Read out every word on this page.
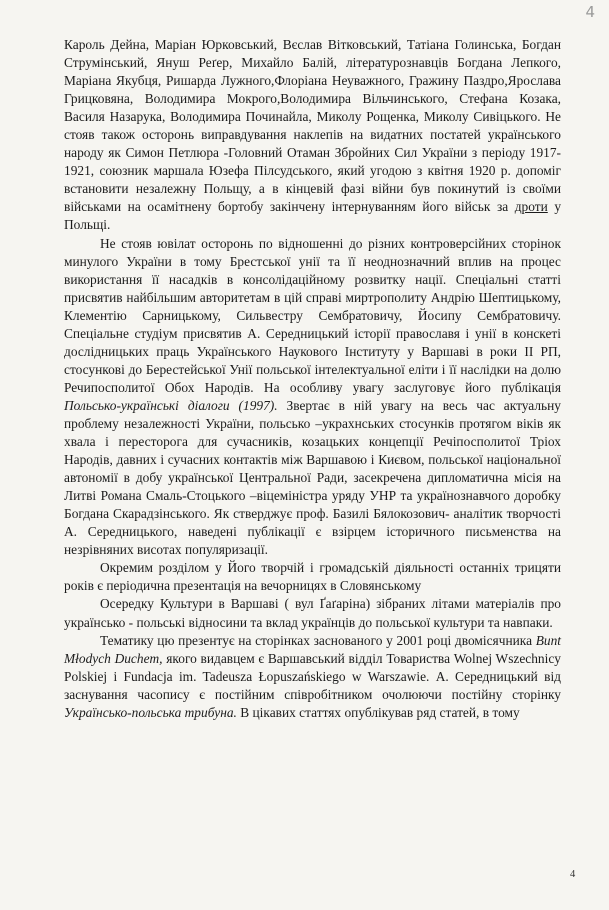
4

Кароль Дейна, Маріан Юрковський, Вєслав Вітковський, Татіана Голинська, Богдан Струмінський, Януш Реґер, Михайло Балій, літературознавців Богдана Лепкого, Маріана Якубця, Ришарда Лужного,Флоріана Неуважного, Гражину Паздро,Ярослава Грицковяна, Володимира Мокрого,Володимира Вільчинського, Стефана Козака, Василя Назарука, Володимира Починайла, Миколу Рощенка, Миколу Сивіцького. Не стояв також осторонь виправдування наклепів на видатних постатей українського народу як Симон Петлюра -Головний Отаман Збройних Сил України з періоду 1917-1921, союзник маршала Юзефа Пілсудського, який угодою з квітня 1920 р. допоміг встановити незалежну Польщу, а в кінцевій фазі війни був покинутий із своїми військами на осамітнену бортобу закінчену інтернуванням його військ за дроти у Польщі.

Не стояв ювілат осторонь по відношенні до різних контроверсійних сторінок минулого України в тому Брестської унії та її неоднозначний вплив на процес використання її насадків в консолідаційному розвитку нації. Спеціальні статті присвятив найбільшим авторитетам в цій справі миртрополиту Андрію Шептицькому, Клементію Сарницькому, Сильвестру Сембратовичу, Йосипу Сембратовичу. Спеціальне студіум присвятив А. Середницький історії православя і унії в конскеті дослідницьких праць Українського Наукового Інституту у Варшаві в роки ІІ РП, стосункові до Берестейської Унії польської інтелектуальної еліти і її наслідки на долю Речипосполитої Обох Народів. На особливу увагу заслуговує його публікація Польсько-українські діалоги (1997). Звертає в ній увагу на весь час актуальну проблему незалежності України, польсько –укрaхнських стосунків протягом віків як хвала і перестoрога для сучасників, козацьких концепції Речіпосполитої Тріох Народів, давних і сучасних контактів між Варшавою і Києвом, польської національної автономії в добу української Центральної Ради, засекречена дипломатична місія на Литві Романа Смаль-Стоцького –віцеміністра уряду УНР та українознавчого доробку Богдана Скарадзінського. Як стверджує проф. Базилі Бялокозович- аналітик творчості А. Середницького, наведені публікації є взірцем історичного письменства на незрівняних висотах популяризації.

Окремим розділом у Його творчій і громадській діяльності останніх трицяти років є періодична презентація на вечорницях в Словянському

Осередку Культури в Варшаві ( вул Ґаґаріна) зібраних літами матеріалів про українсько - польські відносини та вклад українців до польської культури та навпаки.

Тематику цю презентує на сторінках заснованого у 2001 році двомісячника Bunt Młodych Duchem, якого видавцем є Варшавський відділ Товариства Wolnej Wszechnicy Polskiej і Fundacja im. Tadeusza Łopuszańskiego w Warszawie. А. Середницький від заснування часопису є постійним співробітником очолюючи постійну сторінку Українсько-польська трибуна. В цікавих статтях опублікував ряд статей, в тому

4
